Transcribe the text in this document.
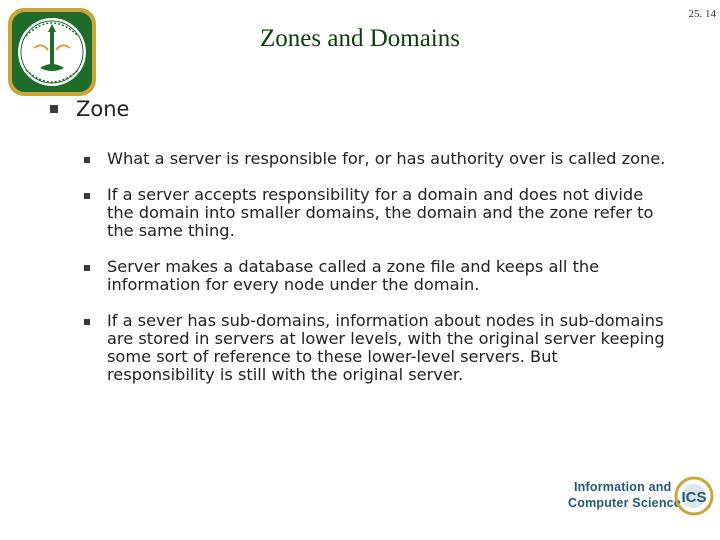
25. 14
Zones and Domains
Zone
What a server is responsible for, or has authority over is called zone.
If a server accepts responsibility for a domain and does not divide the domain into smaller domains, the domain and the zone refer to the same thing.
Server makes a database called a zone file and keeps all the information for every node under the domain.
If a sever has sub-domains, information about nodes in sub-domains are stored in servers at lower levels, with the original server keeping some sort of reference to these lower-level servers. But responsibility is still with the original server.
Information and
Computer Science ICS
